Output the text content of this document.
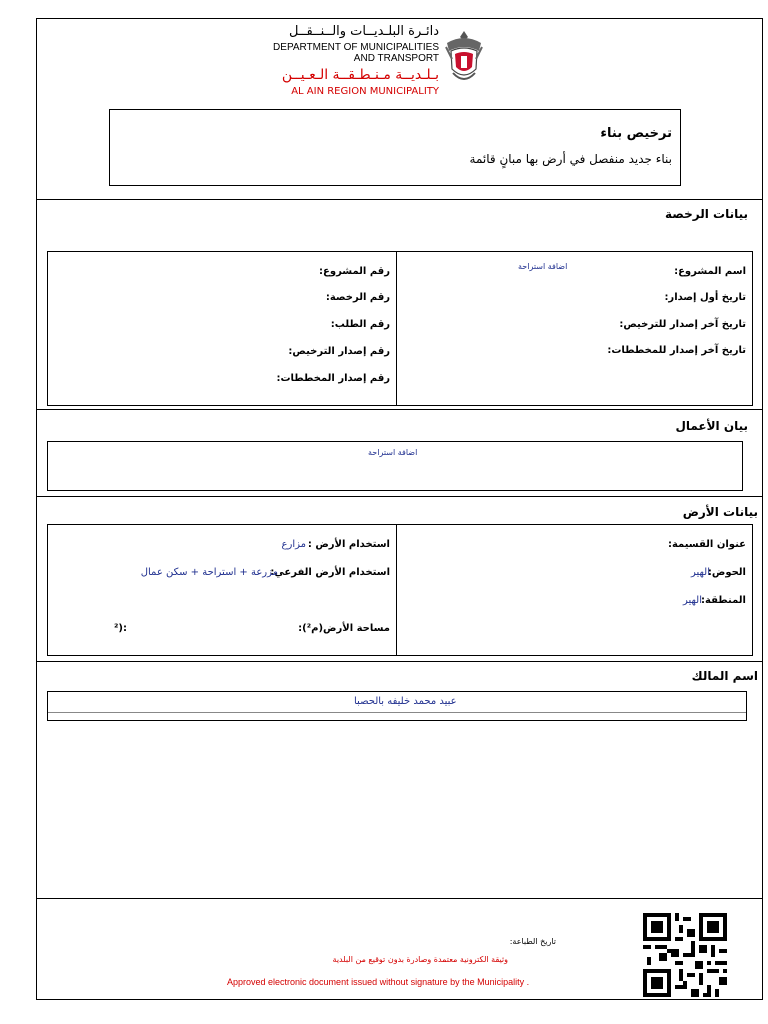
دائـرة البلـديــات والــنــقــل
DEPARTMENT OF MUNICIPALITIES
AND TRANSPORT
بـلـديــة مـنـطـقــة الـعـيــن
AL AIN REGION MUNICIPALITY
ترخيص بناء
بناء جديد منفصل في أرض بها مبانٍ قائمة
بيانات الرخصة
اسم المشروع:
اضافة استراحة
تاريخ أول إصدار:
تاريخ آخر إصدار للترخيص:
تاريخ آخر إصدار للمخططات:
رقم المشروع:
رقم الرخصة:
رقم الطلب:
رقم إصدار الترخيص:
رقم إصدار المخططات:
بيان الأعمال
اضافة استراحة
بيانات الأرض
عنوان القسيمة:
الحوض:
الهير
المنطقة:
الهير
استخدام الأرض :
مزارع
استخدام الأرض الفرعي:
مزرعة + استراحة + سكن عمال
مساحة الأرض(م²):
²):
اسم المالك
عبيد محمد خليفه بالحصبا
تاريخ الطباعة:
وثيقة الكترونية معتمدة وصادرة بدون توقيع من البلدية
Approved electronic document issued without signature by the Municipality .
